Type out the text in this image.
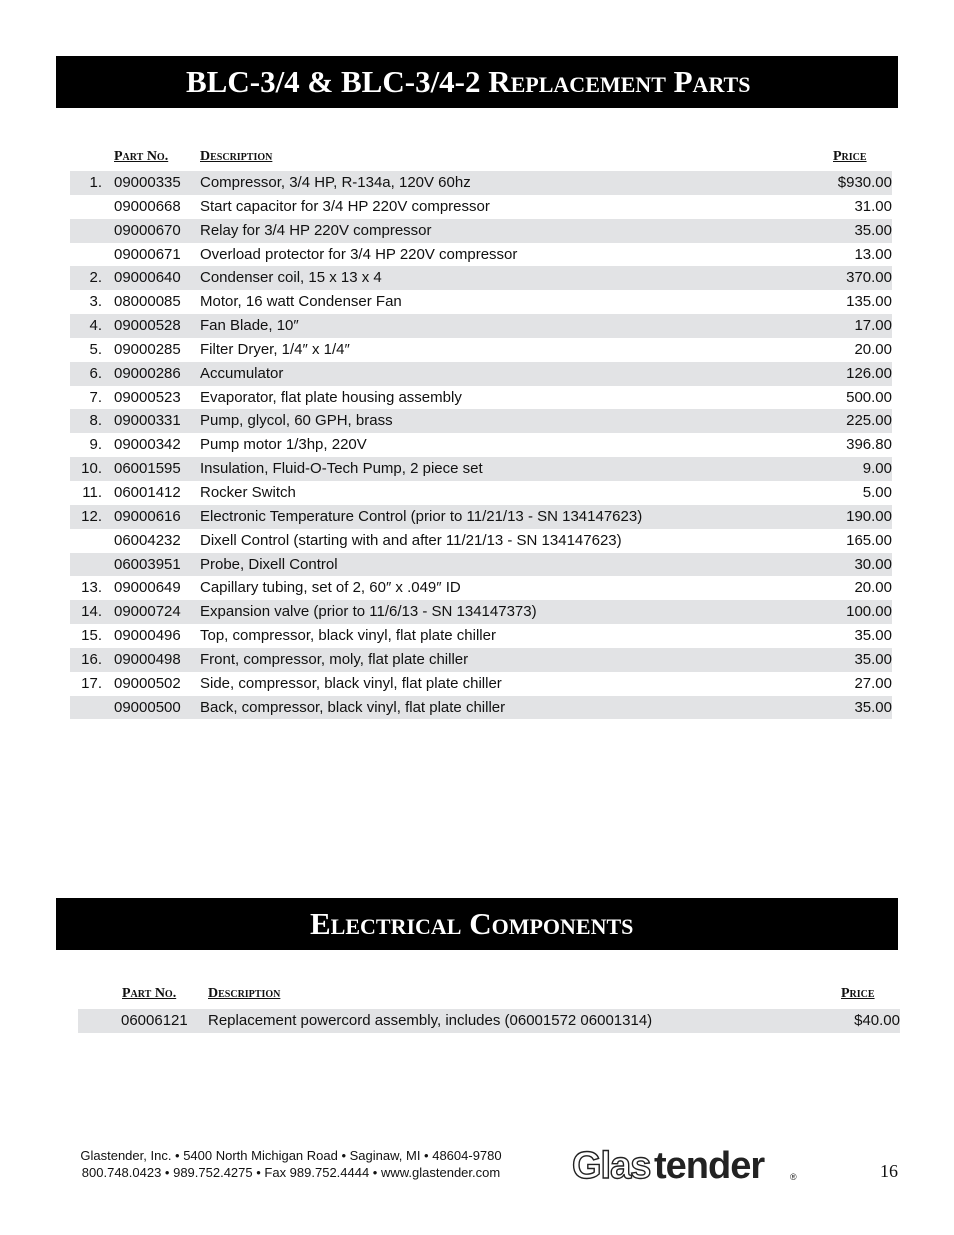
BLC-3/4 & BLC-3/4-2 Replacement Parts
Part No. Description	Price
1. 09000335 Compressor, 3/4 HP, R-134a, 120V 60hz	$930.00
09000668 Start capacitor for 3/4 HP 220V compressor	31.00
09000670 Relay for 3/4 HP 220V compressor	35.00
09000671 Overload protector for 3/4 HP 220V compressor	13.00
2. 09000640 Condenser coil, 15 x 13 x 4	370.00
3. 08000085 Motor, 16 watt Condenser Fan	135.00
4. 09000528 Fan Blade, 10″	17.00
5. 09000285 Filter Dryer, 1/4″ x 1/4″	20.00
6. 09000286 Accumulator	126.00
7. 09000523 Evaporator, flat plate housing assembly	500.00
8. 09000331 Pump, glycol, 60 GPH, brass	225.00
9. 09000342 Pump motor 1/3hp, 220V	396.80
10. 06001595 Insulation, Fluid-O-Tech Pump, 2 piece set	9.00
11. 06001412 Rocker Switch	5.00
12. 09000616 Electronic Temperature Control (prior to 11/21/13 - SN 134147623)	190.00
06004232 Dixell Control (starting with and after 11/21/13 - SN 134147623)	165.00
06003951 Probe, Dixell Control	30.00
13. 09000649 Capillary tubing, set of 2, 60″ x .049″ ID	20.00
14. 09000724 Expansion valve (prior to 11/6/13 - SN 134147373)	100.00
15. 09000496 Top, compressor, black vinyl, flat plate chiller	35.00
16. 09000498 Front, compressor, moly, flat plate chiller	35.00
17. 09000502 Side, compressor, black vinyl, flat plate chiller	27.00
09000500 Back, compressor, black vinyl, flat plate chiller	35.00
Electrical Components
Part No. Description	Price
06006121 Replacement powercord assembly, includes (06001572 06001314)	$40.00
Glastender, Inc. • 5400 North Michigan Road • Saginaw, MI • 48604-9780
800.748.0423 • 989.752.4275 • Fax 989.752.4444 • www.glastender.com	Glas tender	®	16
